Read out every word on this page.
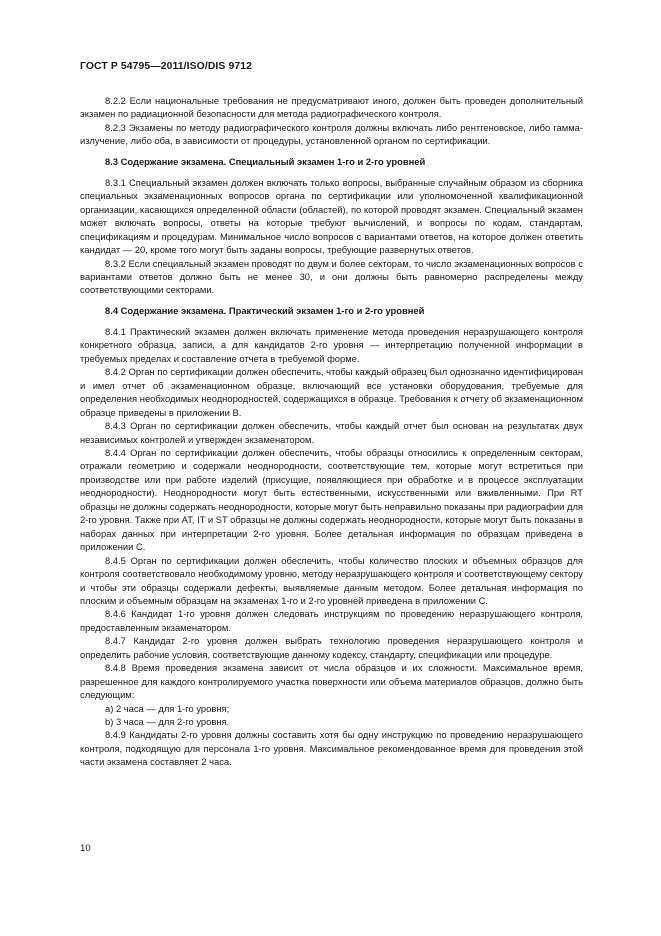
ГОСТ Р 54795—2011/ISO/DIS 9712

8.2.2 Если национальные требования не предусматривают иного, должен быть проведен дополнительный экзамен по радиационной безопасности для метода радиографического контроля.

8.2.3 Экзамены по методу радиографического контроля должны включать либо рентгеновское, либо гамма-излучение, либо оба, в зависимости от процедуры, установленной органом по сертификации.

8.3 Содержание экзамена. Специальный экзамен 1-го и 2-го уровней

8.3.1 Специальный экзамен должен включать только вопросы, выбранные случайным образом из сборника специальных экзаменационных вопросов органа по сертификации или уполномоченной квалификационной организации, касающихся определенной области (областей), по которой проводят экзамен. Специальный экзамен может включать вопросы, ответы на которые требуют вычислений, и вопросы по кодам, стандартам, спецификациям и процедурам. Минимальное число вопросов с вариантами ответов, на которое должен ответить кандидат — 20, кроме того могут быть заданы вопросы, требующие развернутых ответов.

8.3.2 Если специальный экзамен проводят по двум и более секторам, то число экзаменационных вопросов с вариантами ответов должно быть не менее 30, и они должны быть равномерно распределены между соответствующими секторами.

8.4 Содержание экзамена. Практический экзамен 1-го и 2-го уровней

8.4.1 Практический экзамен должен включать применение метода проведения неразрушающего контроля конкретного образца, записи, а для кандидатов 2-го уровня — интерпретацию полученной информации в требуемых пределах и составление отчета в требуемой форме.

8.4.2 Орган по сертификации должен обеспечить, чтобы каждый образец был однозначно идентифицирован и имел отчет об экзаменационном образце, включающий все установки оборудования, требуемые для определения необходимых неоднородностей, содержащихся в образце. Требования к отчету об экзаменационном образце приведены в приложении В.

8.4.3 Орган по сертификации должен обеспечить, чтобы каждый отчет был основан на результатах двух независимых контролей и утвержден экзаменатором.

8.4.4 Орган по сертификации должен обеспечить, чтобы образцы относились к определенным секторам, отражали геометрию и содержали неоднородности, соответствующие тем, которые могут встретиться при производстве или при работе изделий (присущие, появляющиеся при обработке и в процессе эксплуатации неоднородности). Неоднородности могут быть естественными, искусственными или вживленными. При RT образцы не должны содержать неоднородности, которые могут быть неправильно показаны при радиографии для 2-го уровня. Также при AT, IT и ST образцы не должны содержать неоднородности, которые могут быть показаны в наборах данных при интерпретации 2-го уровня. Более детальная информация по образцам приведена в приложении С.

8.4.5 Орган по сертификации должен обеспечить, чтобы количество плоских и объемных образцов для контроля соответствовало необходимому уровню, методу неразрушающего контроля и соответствующему сектору и чтобы эти образцы содержали дефекты, выявляемые данным методом. Более детальная информация по плоским и объемным образцам на экзаменах 1-го и 2-го уровней приведена в приложении С.

8.4.6 Кандидат 1-го уровня должен следовать инструкциям по проведению неразрушающего контроля, предоставленным экзаменатором.

8.4.7 Кандидат 2-го уровня должен выбрать технологию проведения неразрушающего контроля и определить рабочие условия, соответствующие данному кодексу, стандарту, спецификации или процедуре.

8.4.8 Время проведения экзамена зависит от числа образцов и их сложности. Максимальное время, разрешенное для каждого контролируемого участка поверхности или объема материалов образцов, должно быть следующим:

a) 2 часа — для 1-го уровня;

b) 3 часа — для 2-го уровня.

8.4.9 Кандидаты 2-го уровня должны составить хотя бы одну инструкцию по проведению неразрушающего контроля, подходящую для персонала 1-го уровня. Максимальное рекомендованное время для проведения этой части экзамена составляет 2 часа.

10
